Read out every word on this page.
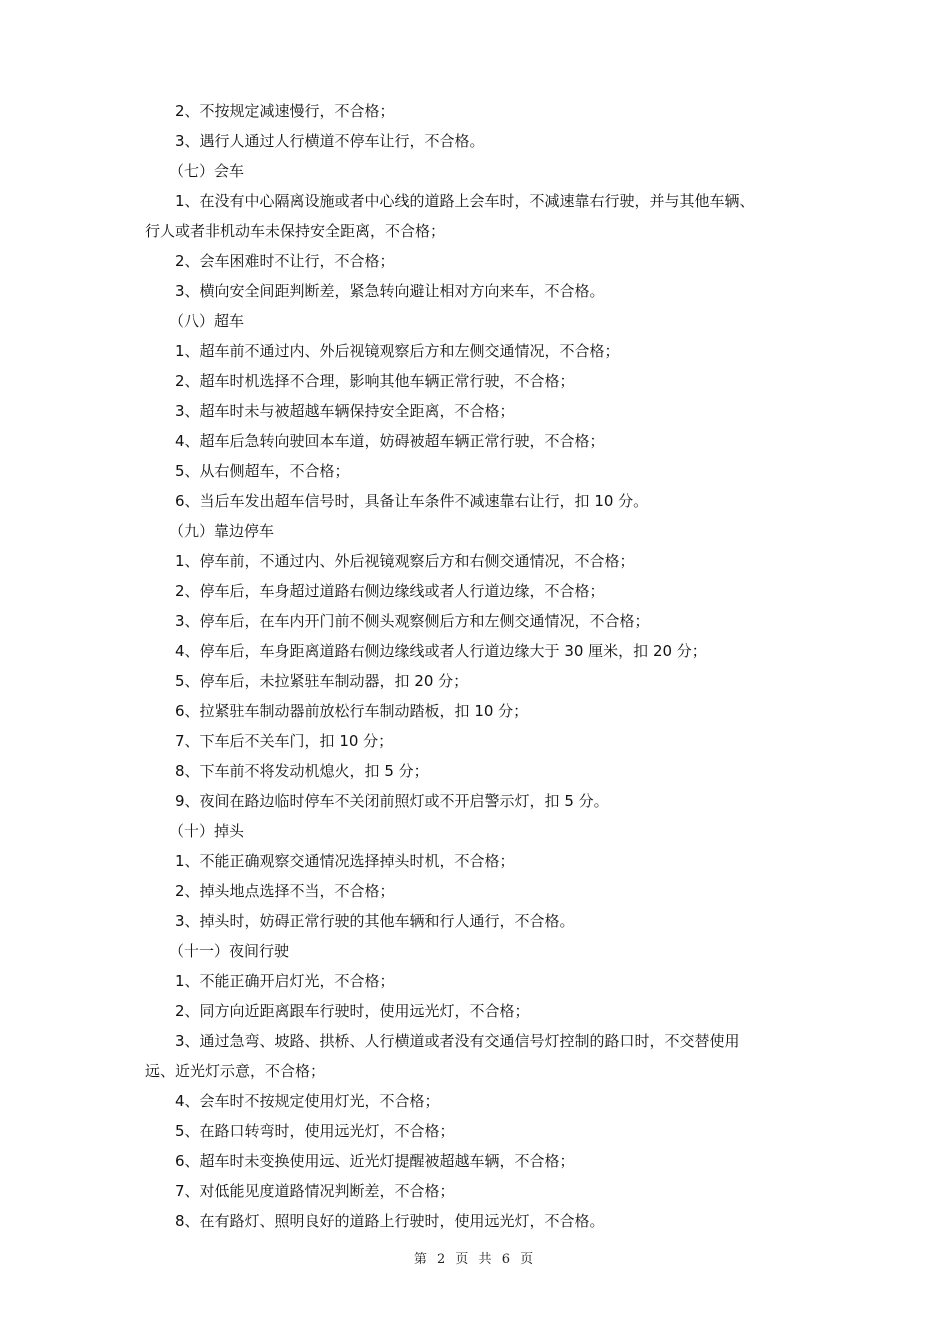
2、不按规定减速慢行，不合格；
3、遇行人通过人行横道不停车让行，不合格。
（七）会车
1、在没有中心隔离设施或者中心线的道路上会车时，不减速靠右行驶，并与其他车辆、
行人或者非机动车未保持安全距离，不合格；
2、会车困难时不让行，不合格；
3、横向安全间距判断差，紧急转向避让相对方向来车，不合格。
（八）超车
1、超车前不通过内、外后视镜观察后方和左侧交通情况，不合格；
2、超车时机选择不合理，影响其他车辆正常行驶，不合格；
3、超车时未与被超越车辆保持安全距离，不合格；
4、超车后急转向驶回本车道，妨碍被超车辆正常行驶，不合格；
5、从右侧超车，不合格；
6、当后车发出超车信号时，具备让车条件不减速靠右让行，扣 10 分。
（九）靠边停车
1、停车前，不通过内、外后视镜观察后方和右侧交通情况，不合格；
2、停车后，车身超过道路右侧边缘线或者人行道边缘，不合格；
3、停车后，在车内开门前不侧头观察侧后方和左侧交通情况，不合格；
4、停车后，车身距离道路右侧边缘线或者人行道边缘大于 30 厘米，扣 20 分；
5、停车后，未拉紧驻车制动器，扣 20 分；
6、拉紧驻车制动器前放松行车制动踏板，扣 10 分；
7、下车后不关车门，扣 10 分；
8、下车前不将发动机熄火，扣 5 分；
9、夜间在路边临时停车不关闭前照灯或不开启警示灯，扣 5 分。
（十）掉头
1、不能正确观察交通情况选择掉头时机，不合格；
2、掉头地点选择不当，不合格；
3、掉头时，妨碍正常行驶的其他车辆和行人通行，不合格。
（十一）夜间行驶
1、不能正确开启灯光，不合格；
2、同方向近距离跟车行驶时，使用远光灯，不合格；
3、通过急弯、坡路、拱桥、人行横道或者没有交通信号灯控制的路口时，不交替使用
远、近光灯示意，不合格；
4、会车时不按规定使用灯光，不合格；
5、在路口转弯时，使用远光灯，不合格；
6、超车时未变换使用远、近光灯提醒被超越车辆，不合格；
7、对低能见度道路情况判断差，不合格；
8、在有路灯、照明良好的道路上行驶时，使用远光灯，不合格。
第 2 页 共 6 页
